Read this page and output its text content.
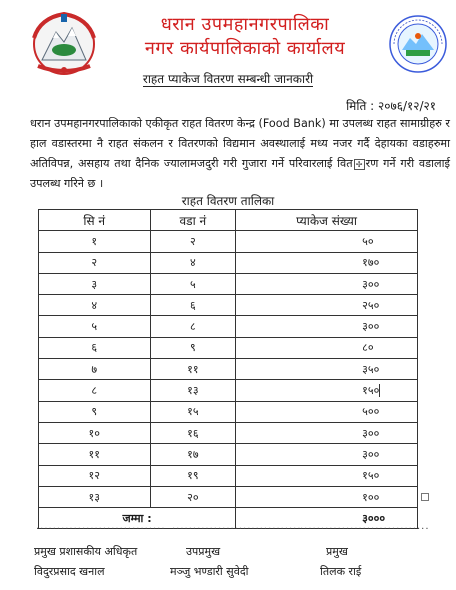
धरान उपमहानगरपालिका
नगर कार्यपालिकाको कार्यालय
राहत प्याकेज वितरण सम्बन्धी जानकारी
मिति : २०७६/१२/२१
धरान उपमहानगरपालिकाको एकीकृत राहत वितरण केन्द्र (Food Bank) मा उपलब्ध राहत सामाग्रीहरु र हाल वडास्तरमा नै राहत संकलन र वितरणको विद्यमान अवस्थालाई मध्य नजर गर्दै देहायका वडाहरुमा अतिविपन्न, असहाय तथा दैनिक ज्यालामजदुरी गरी गुजारा गर्ने परिवारलाई वित ✢ रण गर्ने गरी वडालाई उपलब्ध गरिने छ ।
राहत वितरण तालिका
सि नं	वडा नं	प्याकेज संख्या
१	२	५०
२	४	१७०
३	५	३००
४	६	२५०
५	८	३००
६	९	८०
७	११	३५०
८	१३	१५०
९	१५	५००
१०	१६	३००
११	१७	३००
१२	१९	१५०
१३	२०	१००
जम्मा :		३०००
............................... ...............................
...............................
प्रमुख प्रशासकीय अधिकृत	उपप्रमुख	प्रमुख
विदुरप्रसाद खनाल	मञ्जु भण्डारी सुवेदी	तिलक राई
